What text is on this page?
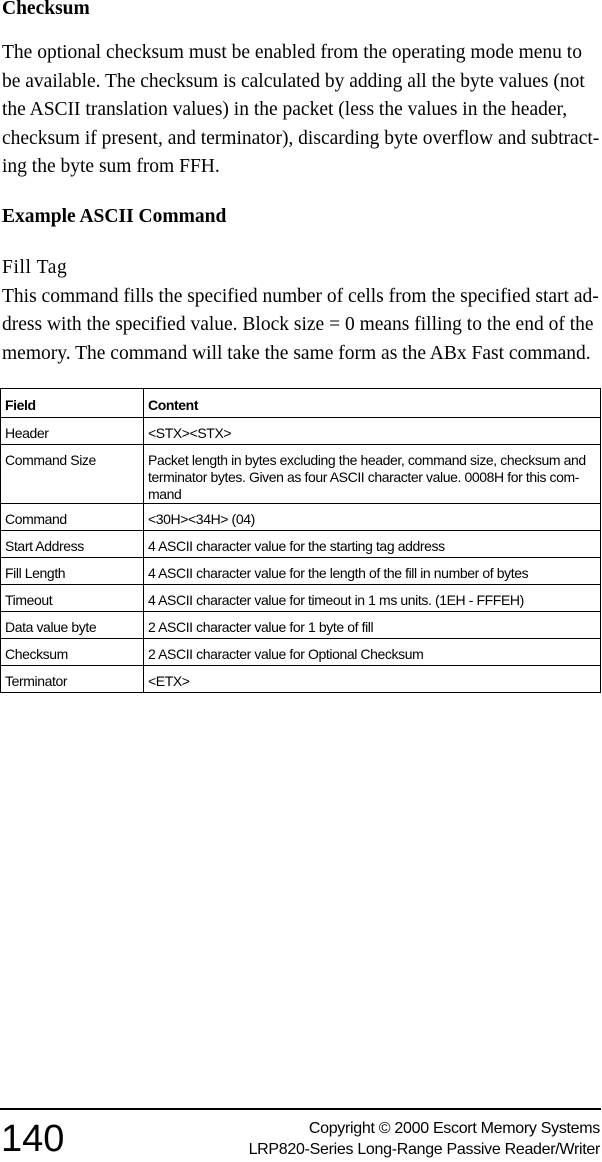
Checksum
The optional checksum must be enabled from the operating mode menu to
be available. The checksum is calculated by adding all the byte values (not
the ASCII translation values) in the packet (less the values in the header,
checksum if present, and terminator), discarding byte overflow and subtract-
ing the byte sum from FFH.
Example ASCII Command
Fill Tag
This command fills the specified number of cells from the specified start ad-
dress with the specified value. Block size = 0 means filling to the end of the
memory. The command will take the same form as the ABx Fast command.
Field	Content
Header	<STX><STX>
Command Size	Packet length in bytes excluding the header, command size, checksum and
terminator bytes. Given as four ASCII character value. 0008H for this com-
mand
Command	<30H><34H> (04)
Start Address	4 ASCII character value for the starting tag address
Fill Length	4 ASCII character value for the length of the fill in number of bytes
Timeout	4 ASCII character value for timeout in 1 ms units. (1EH - FFFEH)
Data value byte	2 ASCII character value for 1 byte of fill
Checksum	2 ASCII character value for Optional Checksum
Terminator	<ETX>
140	Copyright © 2000 Escort Memory Systems
LRP820-Series Long-Range Passive Reader/Writer
